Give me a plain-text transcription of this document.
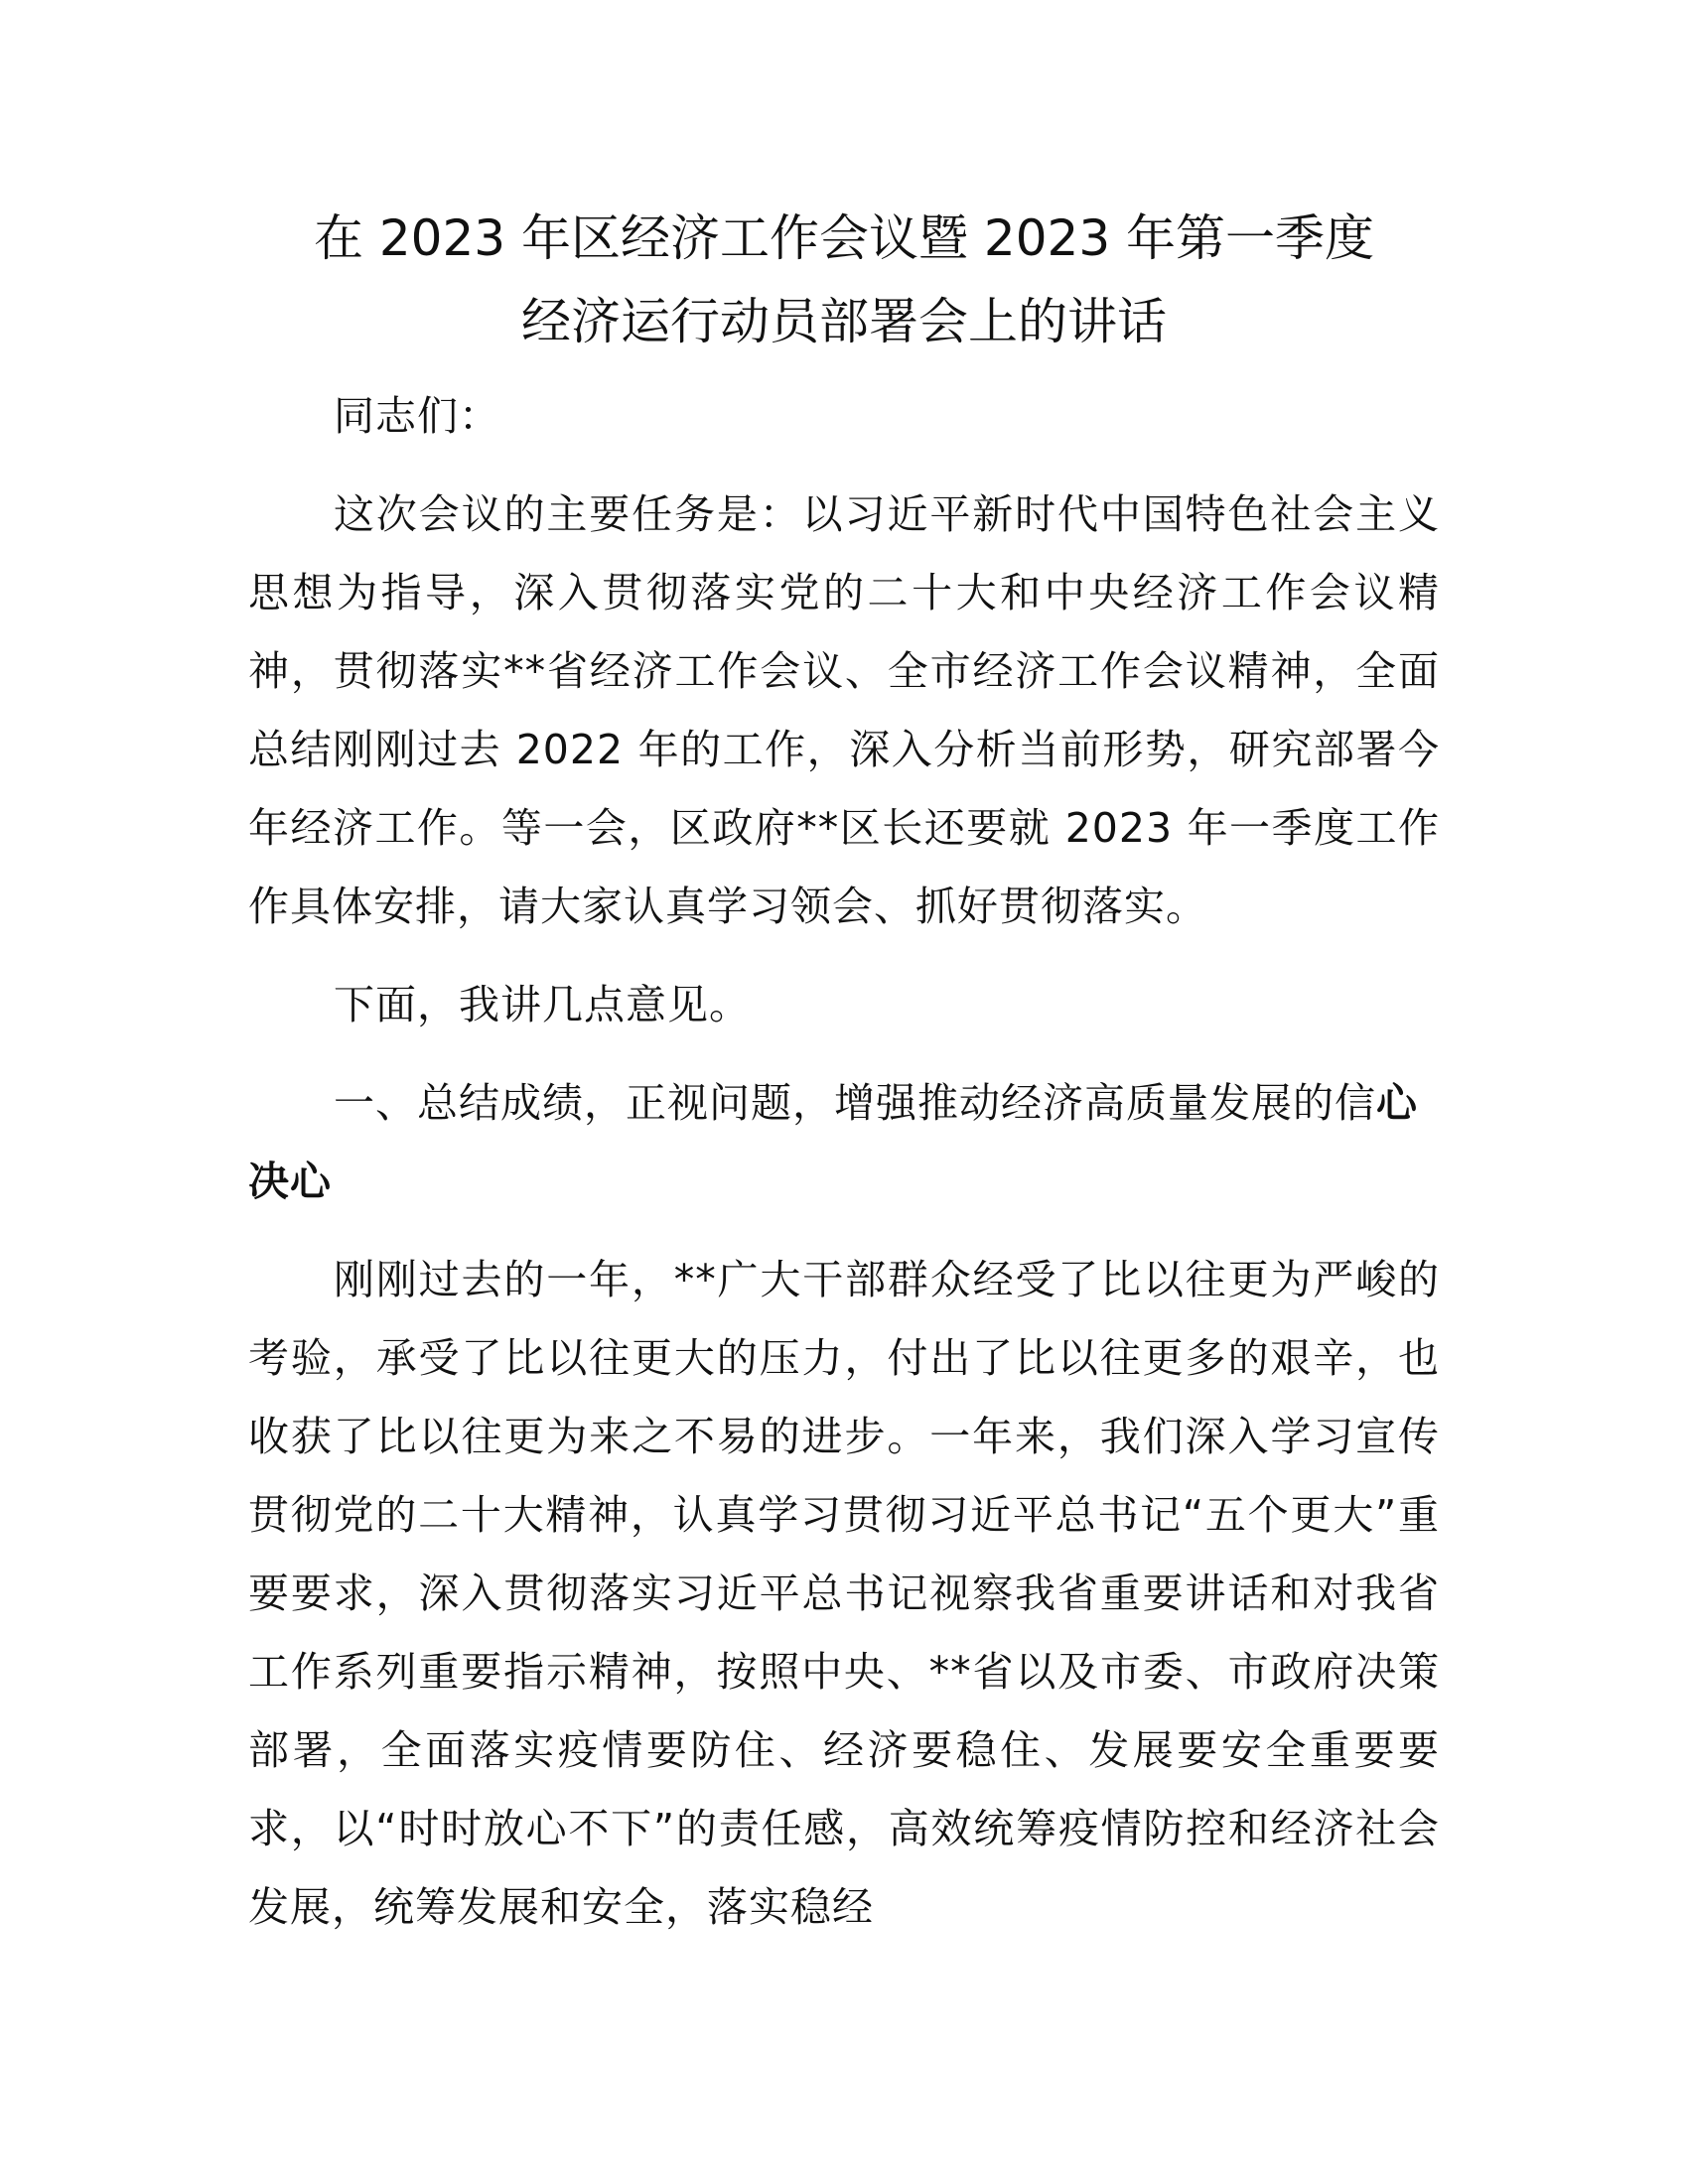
在 2023 年区经济工作会议暨 2023 年第一季度
经济运行动员部署会上的讲话

同志们：

这次会议的主要任务是：以习近平新时代中国特色社会主义思想为指导，深入贯彻落实党的二十大和中央经济工作会议精神，贯彻落实**省经济工作会议、全市经济工作会议精神，全面总结刚刚过去 2022 年的工作，深入分析当前形势，研究部署今年经济工作。等一会，区政府**区长还要就 2023 年一季度工作作具体安排，请大家认真学习领会、抓好贯彻落实。

下面，我讲几点意见。

一、总结成绩，正视问题，增强推动经济高质量发展的信心决心

刚刚过去的一年，**广大干部群众经受了比以往更为严峻的考验，承受了比以往更大的压力，付出了比以往更多的艰辛，也收获了比以往更为来之不易的进步。一年来，我们深入学习宣传贯彻党的二十大精神，认真学习贯彻习近平总书记“五个更大”重要要求，深入贯彻落实习近平总书记视察我省重要讲话和对我省工作系列重要指示精神，按照中央、**省以及市委、市政府决策部署，全面落实疫情要防住、经济要稳住、发展要安全重要要求，以“时时放心不下”的责任感，高效统筹疫情防控和经济社会发展，统筹发展和安全，落实稳经
